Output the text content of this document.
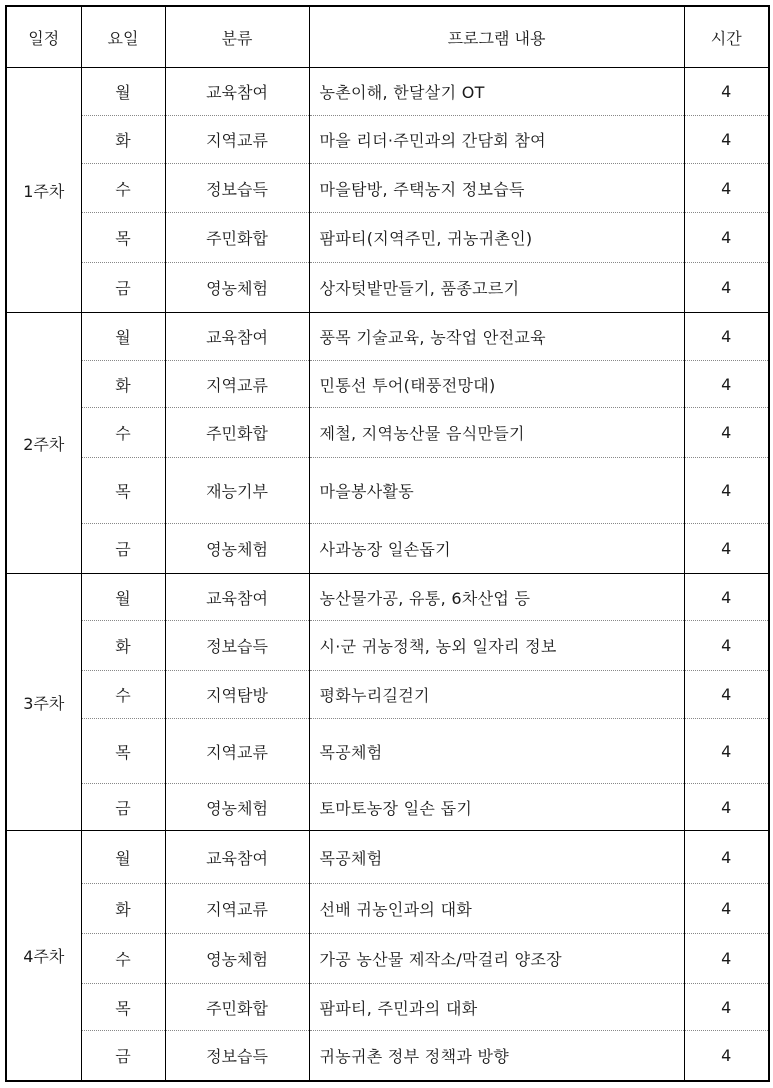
일정	요일	분류	프로그램 내용	시간
1주차	월	교육참여	농촌이해, 한달살기 OT	4
	화	지역교류	마을 리더·주민과의 간담회 참여	4
	수	정보습득	마을탐방, 주택농지 정보습득	4
	목	주민화합	팜파티(지역주민, 귀농귀촌인)	4
	금	영농체험	상자텃밭만들기, 품종고르기	4
2주차	월	교육참여	풍목 기술교육, 농작업 안전교육	4
	화	지역교류	민통선 투어(태풍전망대)	4
	수	주민화합	제철, 지역농산물 음식만들기	4
	목	재능기부	마을봉사활동	4
	금	영농체험	사과농장 일손돕기	4
3주차	월	교육참여	농산물가공, 유통, 6차산업 등	4
	화	정보습득	시·군 귀농정책, 농외 일자리 정보	4
	수	지역탐방	평화누리길걷기	4
	목	지역교류	목공체험	4
	금	영농체험	토마토농장 일손 돕기	4
4주차	월	교육참여	목공체험	4
	화	지역교류	선배 귀농인과의 대화	4
	수	영농체험	가공 농산물 제작소/막걸리 양조장	4
	목	주민화합	팜파티, 주민과의 대화	4
	금	정보습득	귀농귀촌 정부 정책과 방향	4
